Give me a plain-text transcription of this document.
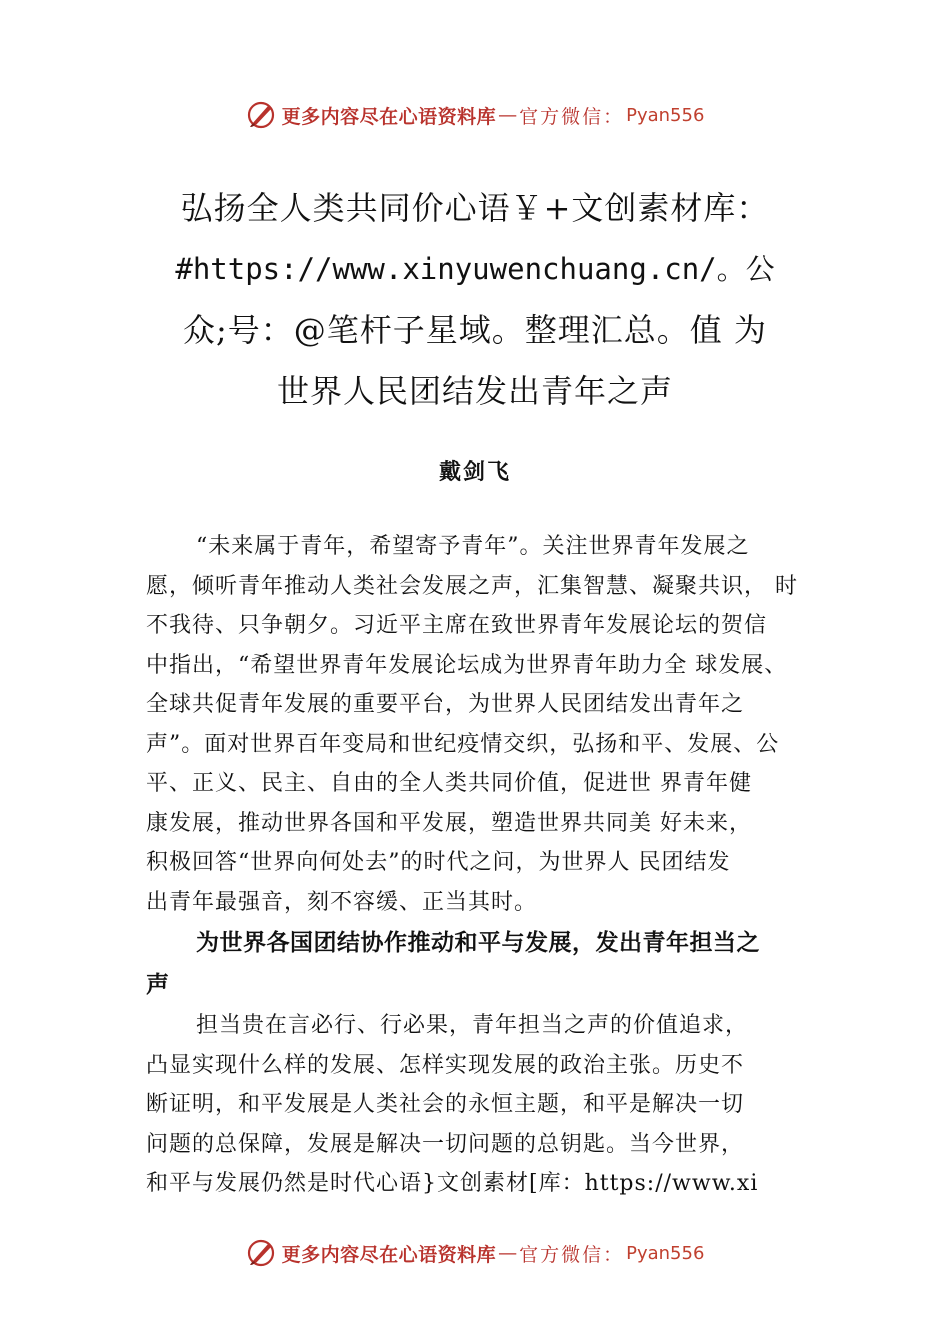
更多内容尽在心语资料库 — 官方微信： Pyan556
弘扬全人类共同价心语￥+文创素材库：
#https://www.xinyuwenchuang.cn/。公
众;号：@笔杆子星域。整理汇总。值 为
世界人民团结发出青年之声
戴剑飞
“未来属于青年，希望寄予青年”。关注世界青年发展之
愿，倾听青年推动人类社会发展之声，汇集智慧、凝聚共识， 时
不我待、只争朝夕。习近平主席在致世界青年发展论坛的贺信
中指出，“希望世界青年发展论坛成为世界青年助力全 球发展、
全球共促青年发展的重要平台，为世界人民团结发出青年之
声”。面对世界百年变局和世纪疫情交织，弘扬和平、发展、公
平、正义、民主、自由的全人类共同价值，促进世 界青年健
康发展，推动世界各国和平发展，塑造世界共同美 好未来，
积极回答“世界向何处去”的时代之问，为世界人 民团结发
出青年最强音，刻不容缓、正当其时。
为世界各国团结协作推动和平与发展，发出青年担当之
声
担当贵在言必行、行必果，青年担当之声的价值追求，
凸显实现什么样的发展、怎样实现发展的政治主张。历史不
断证明，和平发展是人类社会的永恒主题，和平是解决一切
问题的总保障，发展是解决一切问题的总钥匙。当今世界，
和平与发展仍然是时代心语}文创素材[库：https://www.xi
更多内容尽在心语资料库 — 官方微信： Pyan556
